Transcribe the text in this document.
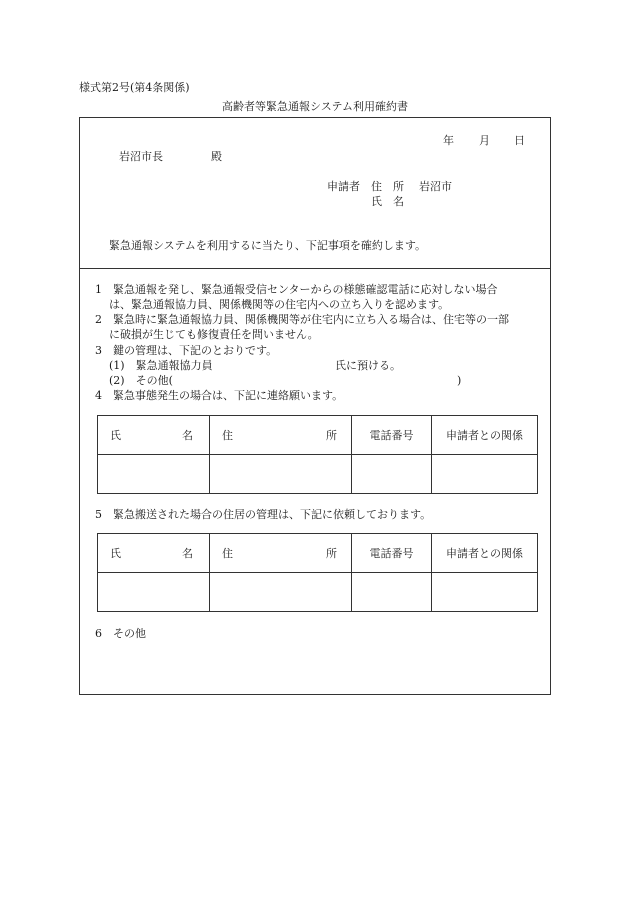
様式第2号(第4条関係)
高齢者等緊急通報システム利用確約書
年 月 日
岩沼市長	殿
申請者 住　所 岩沼市
氏　名
緊急通報システムを利用するに当たり、下記事項を確約します。
1　緊急通報を発し、緊急通報受信センターからの様態確認電話に応対しない場合
は、緊急通報協力員、関係機関等の住宅内への立ち入りを認めます。
2　緊急時に緊急通報協力員、関係機関等が住宅内に立ち入る場合は、住宅等の一部
に破損が生じても修復責任を問いません。
3　鍵の管理は、下記のとおりです。
(1)　緊急通報協力員	氏に預ける。
(2)　その他(	)
4　緊急事態発生の場合は、下記に連絡願います。
氏 名	住 所	電話番号	申請者との関係

5　緊急搬送された場合の住居の管理は、下記に依頼しております。
氏 名	住 所	電話番号	申請者との関係

6　その他
